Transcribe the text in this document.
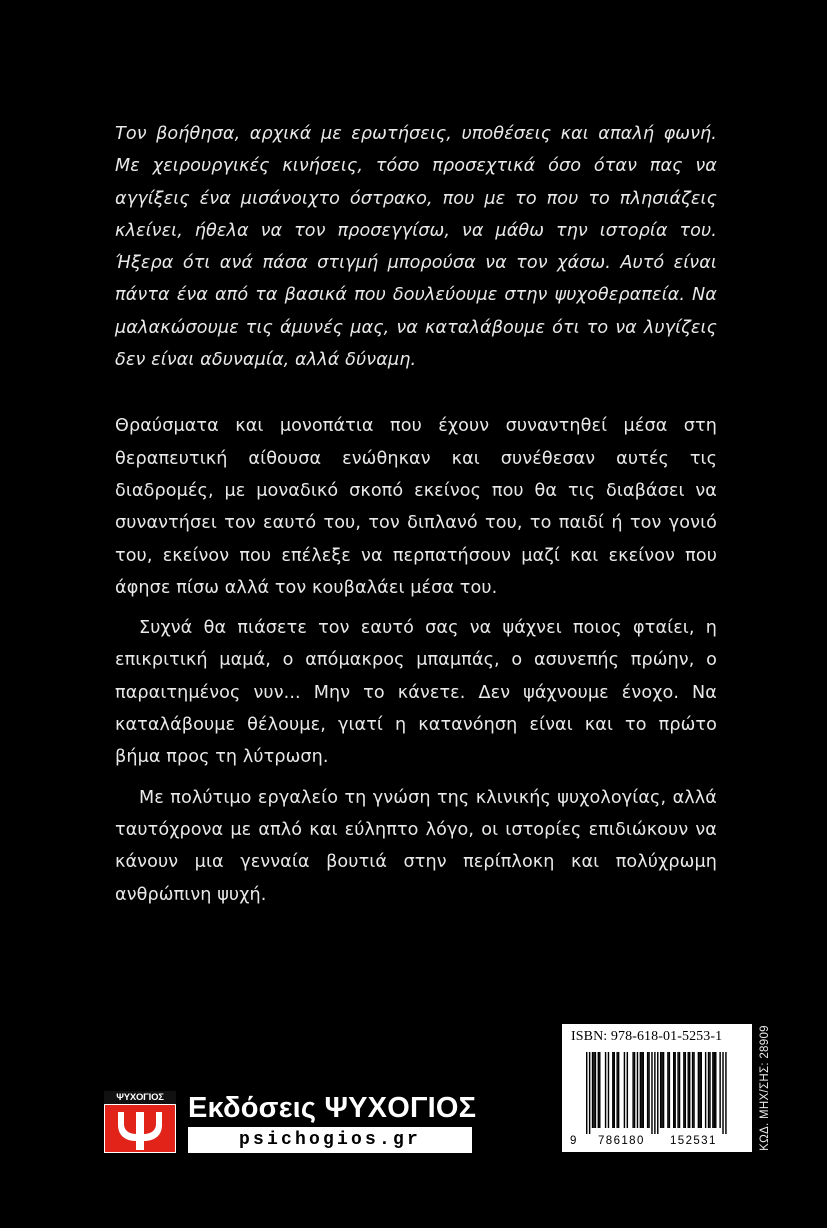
Τον βοήθησα, αρχικά με ερωτήσεις, υποθέσεις και απαλή φωνή. Με χειρουργικές κινήσεις, τόσο προσεχτικά όσο όταν πας να αγγίξεις ένα μισάνοιχτο όστρακο, που με το που το πλησιάζεις κλείνει, ήθελα να τον προσεγγίσω, να μάθω την ιστορία του. Ήξερα ότι ανά πάσα στιγμή μπορούσα να τον χάσω. Αυτό είναι πάντα ένα από τα βασικά που δουλεύουμε στην ψυχοθεραπεία. Να μαλακώσουμε τις άμυνές μας, να καταλάβουμε ότι το να λυγίζεις δεν είναι αδυναμία, αλλά δύναμη.

Θραύσματα και μονοπάτια που έχουν συναντηθεί μέσα στη θεραπευτική αίθουσα ενώθηκαν και συνέθεσαν αυτές τις διαδρομές, με μοναδικό σκοπό εκείνος που θα τις διαβάσει να συναντήσει τον εαυτό του, τον διπλανό του, το παιδί ή τον γονιό του, εκείνον που επέλεξε να περπατήσουν μαζί και εκείνον που άφησε πίσω αλλά τον κουβαλάει μέσα του.

Συχνά θα πιάσετε τον εαυτό σας να ψάχνει ποιος φταίει, η επικριτική μαμά, ο απόμακρος μπαμπάς, ο ασυνεπής πρώην, ο παραιτημένος νυν... Μην το κάνετε. Δεν ψάχνουμε ένοχο. Να καταλάβουμε θέλουμε, γιατί η κατανόηση είναι και το πρώτο βήμα προς τη λύτρωση.

Με πολύτιμο εργαλείο τη γνώση της κλινικής ψυχολογίας, αλλά ταυτόχρονα με απλό και εύληπτο λόγο, οι ιστορίες επιδιώκουν να κάνουν μια γενναία βουτιά στην περίπλοκη και πολύχρωμη ανθρώπινη ψυχή.

ΨΥΧΟΓΙΟΣ Εκδόσεις ΨΥΧΟΓΙΟΣ
psichogios.gr
ISBN: 978-618-01-5253-1
9 786180 152531	ΚΩΔ. ΜΗΧ/ΣΗΣ: 28909
